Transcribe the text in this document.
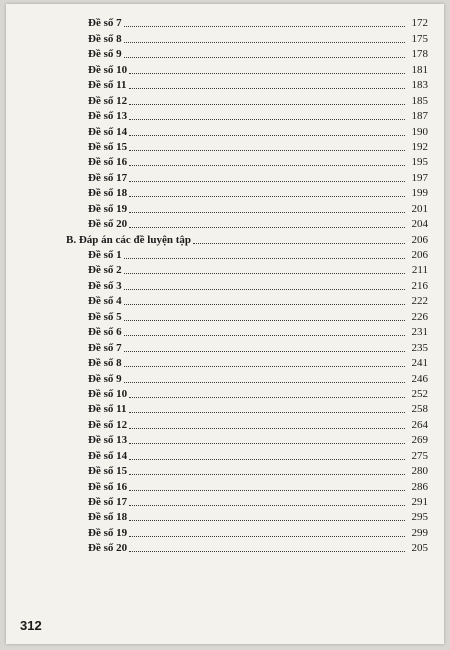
Đề số 7	172
Đề số 8	175
Đề số 9	178
Đề số 10	181
Đề số 11	183
Đề số 12	185
Đề số 13	187
Đề số 14	190
Đề số 15	192
Đề số 16	195
Đề số 17	197
Đề số 18	199
Đề số 19	201
Đề số 20	204
B. Đáp án các đề luyện tập	206
Đề số 1	206
Đề số 2	211
Đề số 3	216
Đề số 4	222
Đề số 5	226
Đề số 6	231
Đề số 7	235
Đề số 8	241
Đề số 9	246
Đề số 10	252
Đề số 11	258
Đề số 12	264
Đề số 13	269
Đề số 14	275
Đề số 15	280
Đề số 16	286
Đề số 17	291
Đề số 18	295
Đề số 19	299
Đề số 20	205
312
